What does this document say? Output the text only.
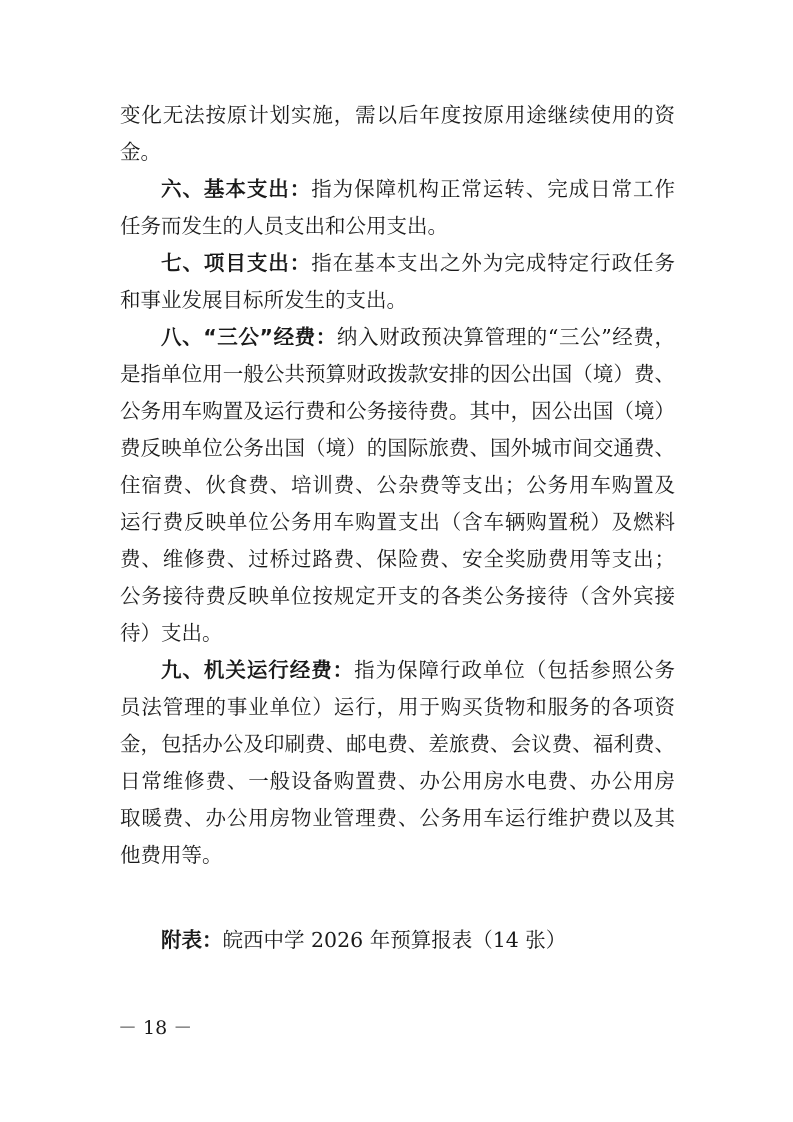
变化无法按原计划实施，需以后年度按原用途继续使用的资
金。
六、基本支出：指为保障机构正常运转、完成日常工作
任务而发生的人员支出和公用支出。
七、项目支出：指在基本支出之外为完成特定行政任务
和事业发展目标所发生的支出。
八、“三公”经费：纳入财政预决算管理的“三公”经费，
是指单位用一般公共预算财政拨款安排的因公出国（境）费、
公务用车购置及运行费和公务接待费。其中，因公出国（境）
费反映单位公务出国（境）的国际旅费、国外城市间交通费、
住宿费、伙食费、培训费、公杂费等支出；公务用车购置及
运行费反映单位公务用车购置支出（含车辆购置税）及燃料
费、维修费、过桥过路费、保险费、安全奖励费用等支出；
公务接待费反映单位按规定开支的各类公务接待（含外宾接
待）支出。
九、机关运行经费：指为保障行政单位（包括参照公务
员法管理的事业单位）运行，用于购买货物和服务的各项资
金，包括办公及印刷费、邮电费、差旅费、会议费、福利费、
日常维修费、一般设备购置费、办公用房水电费、办公用房
取暖费、办公用房物业管理费、公务用车运行维护费以及其
他费用等。
附表：皖西中学 2026 年预算报表（14 张）
－ 18 －
